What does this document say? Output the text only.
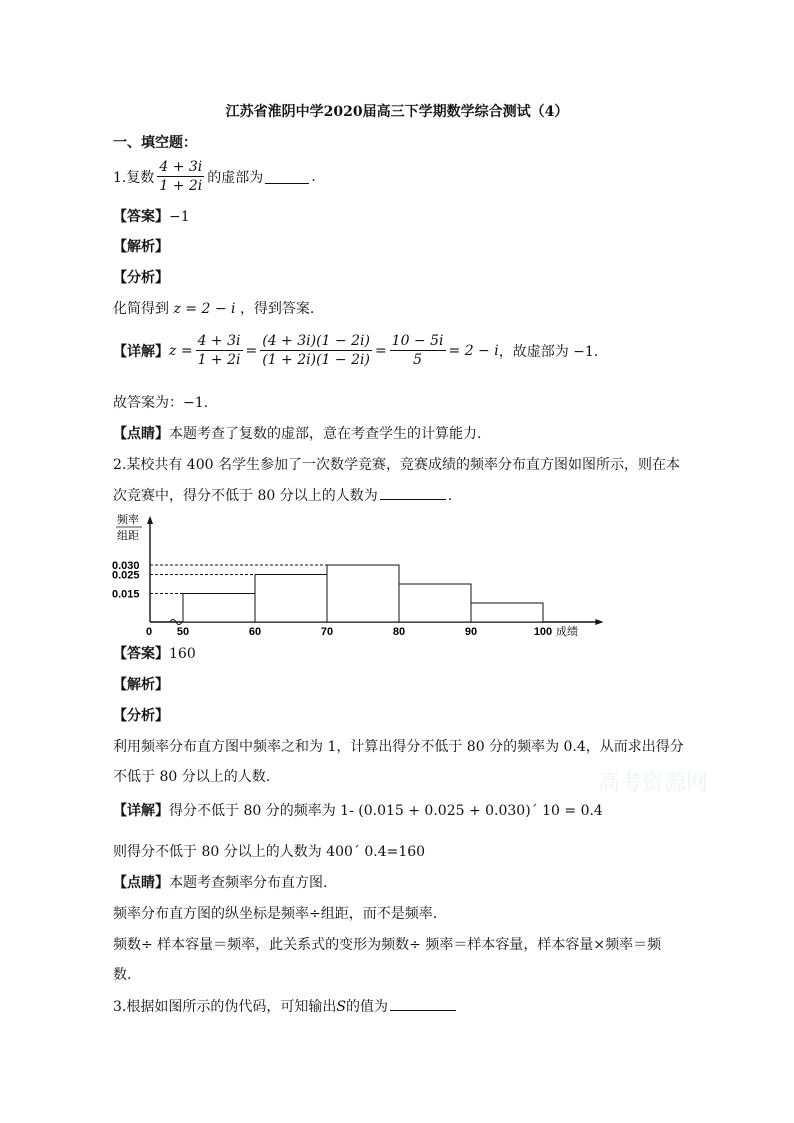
江苏省淮阴中学2020届高三下学期数学综合测试（4）
一、填空题：
1.复数 $\frac{4 + 3i}{1 + 2i}$ 的虚部为	.
【答案】−1
【解析】
【分析】
化简得到 z = 2 − i ，得到答案.
【详解】 $z = \frac{4 + 3i}{1 + 2i} = \frac{(4 + 3i)(1 - 2i)}{(1 + 2i)(1 - 2i)} = \frac{10 - 5i}{5} = 2 - i$ ，故虚部为 −1.
故答案为：−1.
【点睛】本题考查了复数的虚部，意在考查学生的计算能力.
2.某校共有 400 名学生参加了一次数学竞赛，竞赛成绩的频率分布直方图如图所示，则在本
次竞赛中，得分不低于 80 分以上的人数为	.
频率
组距
0.030
0.025
0.015
0 50	60	70	80	90	100 成绩
【答案】160
【解析】
【分析】
利用频率分布直方图中频率之和为 1，计算出得分不低于 80 分的频率为 0.4，从而求出得分
不低于 80 分以上的人数.
【详解】得分不低于 80 分的频率为 1- (0.015 + 0.025 + 0.030)´ 10 = 0.4
则得分不低于 80 分以上的人数为 400´ 0.4=160
【点睛】本题考查频率分布直方图.
频率分布直方图的纵坐标是频率÷组距，而不是频率.
频数÷ 样本容量＝频率，此关系式的变形为频数÷ 频率＝样本容量，样本容量×频率＝频
数.
3.根据如图所示的伪代码，可知输出S的值为
高考资源网
